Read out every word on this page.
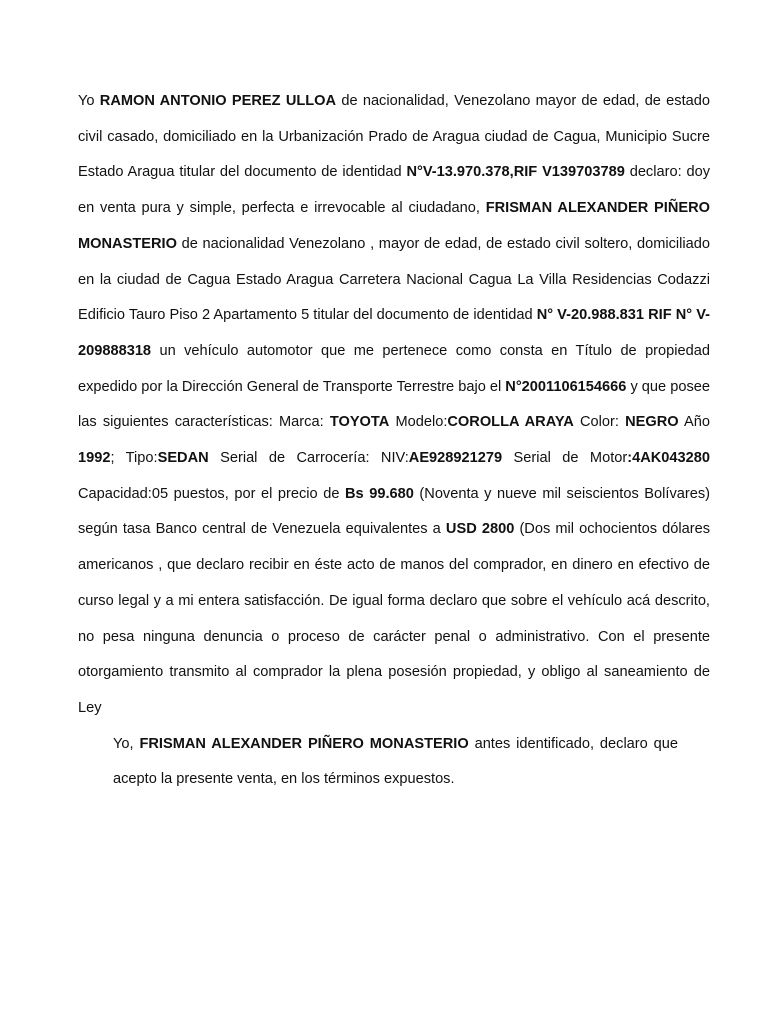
Yo RAMON ANTONIO PEREZ ULLOA de nacionalidad, Venezolano mayor de edad, de estado civil casado, domiciliado en la Urbanización Prado de Aragua ciudad de Cagua, Municipio Sucre Estado Aragua titular del documento de identidad N°V-13.970.378,RIF V139703789 declaro: doy en venta pura y simple, perfecta e irrevocable al ciudadano, FRISMAN ALEXANDER PIÑERO MONASTERIO de nacionalidad Venezolano , mayor de edad, de estado civil soltero, domiciliado en la ciudad de Cagua Estado Aragua Carretera Nacional Cagua La Villa Residencias Codazzi Edificio Tauro Piso 2 Apartamento 5 titular del documento de identidad N° V-20.988.831 RIF N° V-209888318 un vehículo automotor que me pertenece como consta en Título de propiedad expedido por la Dirección General de Transporte Terrestre bajo el N°2001106154666 y que posee las siguientes características: Marca: TOYOTA Modelo:COROLLA ARAYA Color: NEGRO Año 1992; Tipo:SEDAN Serial de Carrocería: NIV:AE928921279 Serial de Motor:4AK043280 Capacidad:05 puestos, por el precio de Bs 99.680 (Noventa y nueve mil seiscientos Bolívares) según tasa Banco central de Venezuela equivalentes a USD 2800 (Dos mil ochocientos dólares americanos , que declaro recibir en éste acto de manos del comprador, en dinero en efectivo de curso legal y a mi entera satisfacción. De igual forma declaro que sobre el vehículo acá descrito, no pesa ninguna denuncia o proceso de carácter penal o administrativo. Con el presente otorgamiento transmito al comprador la plena posesión propiedad, y obligo al saneamiento de Ley

Yo, FRISMAN ALEXANDER PIÑERO MONASTERIO antes identificado, declaro que acepto la presente venta, en los términos expuestos.
